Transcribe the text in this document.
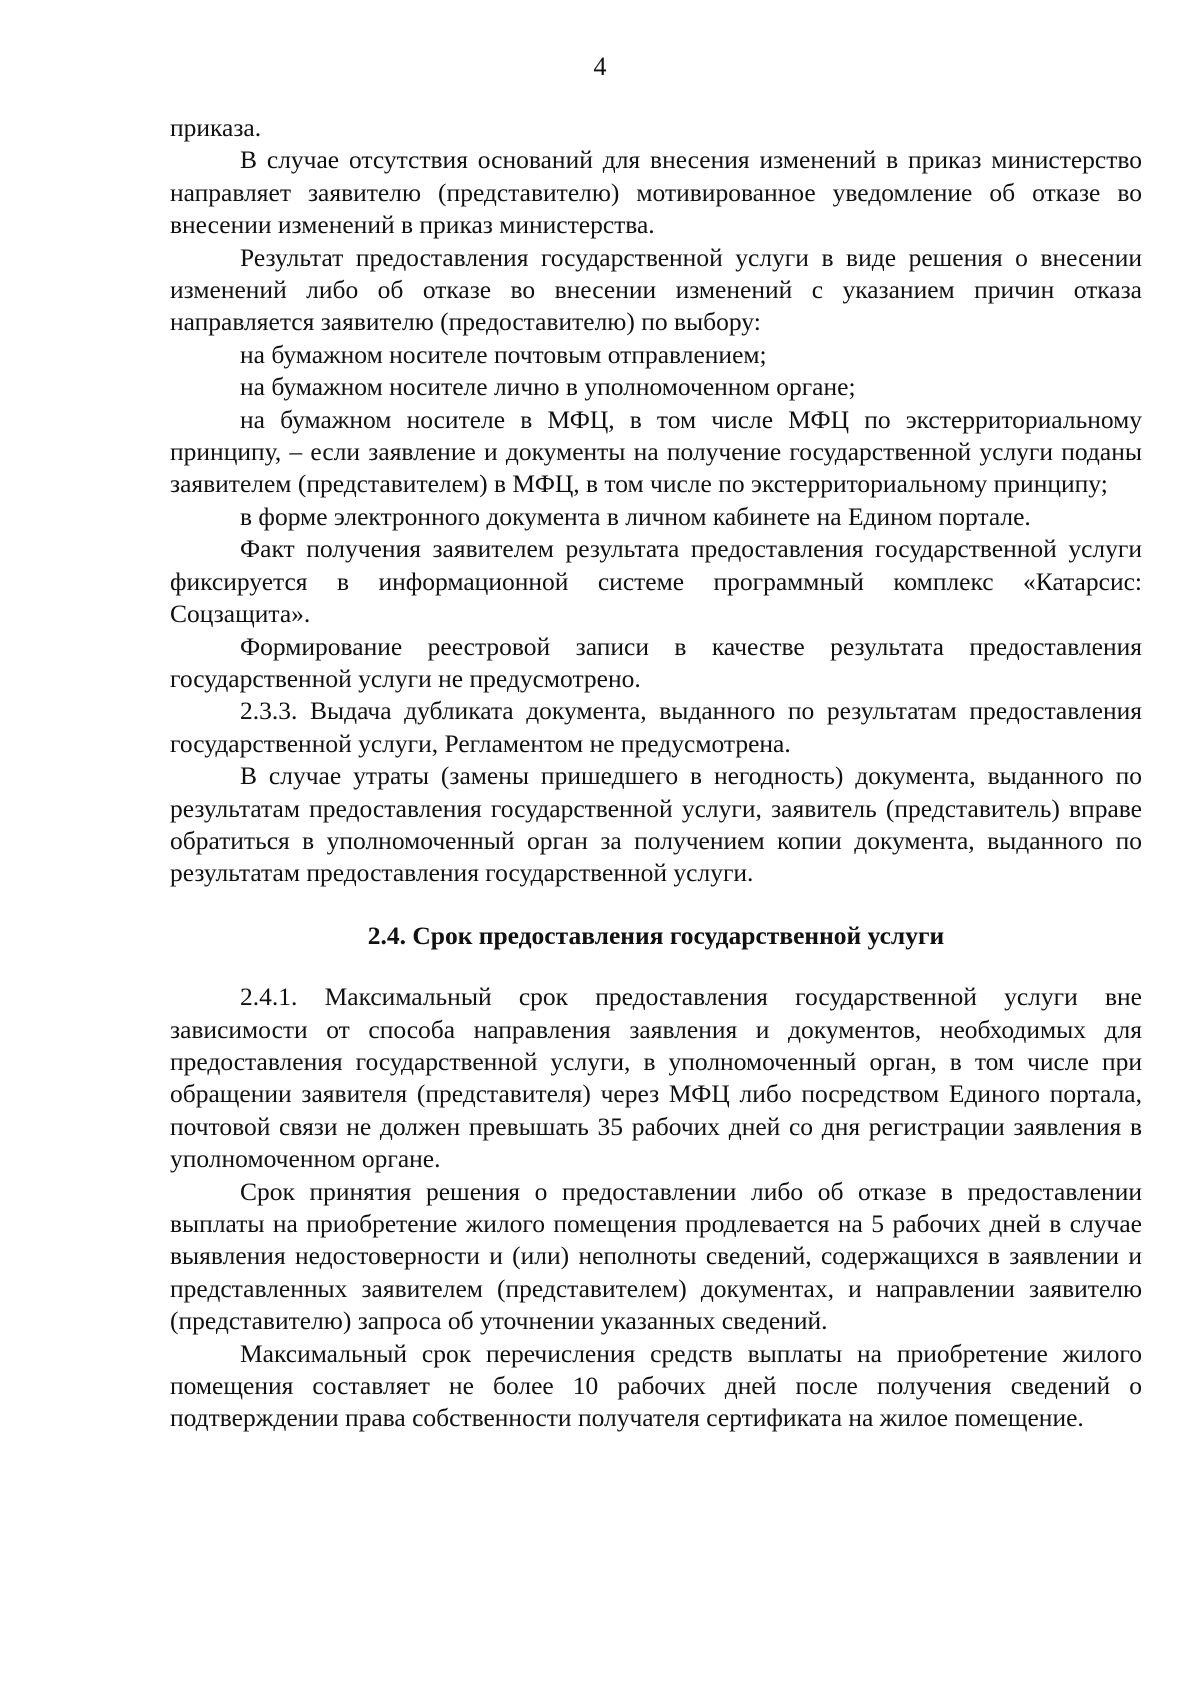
4

приказа.

В случае отсутствия оснований для внесения изменений в приказ министерство направляет заявителю (представителю) мотивированное уведомление об отказе во внесении изменений в приказ министерства.

Результат предоставления государственной услуги в виде решения о внесении изменений либо об отказе во внесении изменений с указанием причин отказа направляется заявителю (предоставителю) по выбору:

на бумажном носителе почтовым отправлением;

на бумажном носителе лично в уполномоченном органе;

на бумажном носителе в МФЦ, в том числе МФЦ по экстерриториальному принципу, – если заявление и документы на получение государственной услуги поданы заявителем (представителем) в МФЦ, в том числе по экстерриториальному принципу;

в форме электронного документа в личном кабинете на Едином портале.

Факт получения заявителем результата предоставления государственной услуги фиксируется в информационной системе программный комплекс «Катарсис: Соцзащита».

Формирование реестровой записи в качестве результата предоставления государственной услуги не предусмотрено.

2.3.3. Выдача дубликата документа, выданного по результатам предоставления государственной услуги, Регламентом не предусмотрена.

В случае утраты (замены пришедшего в негодность) документа, выданного по результатам предоставления государственной услуги, заявитель (представитель) вправе обратиться в уполномоченный орган за получением копии документа, выданного по результатам предоставления государственной услуги.

2.4. Срок предоставления государственной услуги

2.4.1. Максимальный срок предоставления государственной услуги вне зависимости от способа направления заявления и документов, необходимых для предоставления государственной услуги, в уполномоченный орган, в том числе при обращении заявителя (представителя) через МФЦ либо посредством Единого портала, почтовой связи не должен превышать 35 рабочих дней со дня регистрации заявления в уполномоченном органе.

Срок принятия решения о предоставлении либо об отказе в предоставлении выплаты на приобретение жилого помещения продлевается на 5 рабочих дней в случае выявления недостоверности и (или) неполноты сведений, содержащихся в заявлении и представленных заявителем (представителем) документах, и направлении заявителю (представителю) запроса об уточнении указанных сведений.

Максимальный срок перечисления средств выплаты на приобретение жилого помещения составляет не более 10 рабочих дней после получения сведений о подтверждении права собственности получателя сертификата на жилое помещение.
